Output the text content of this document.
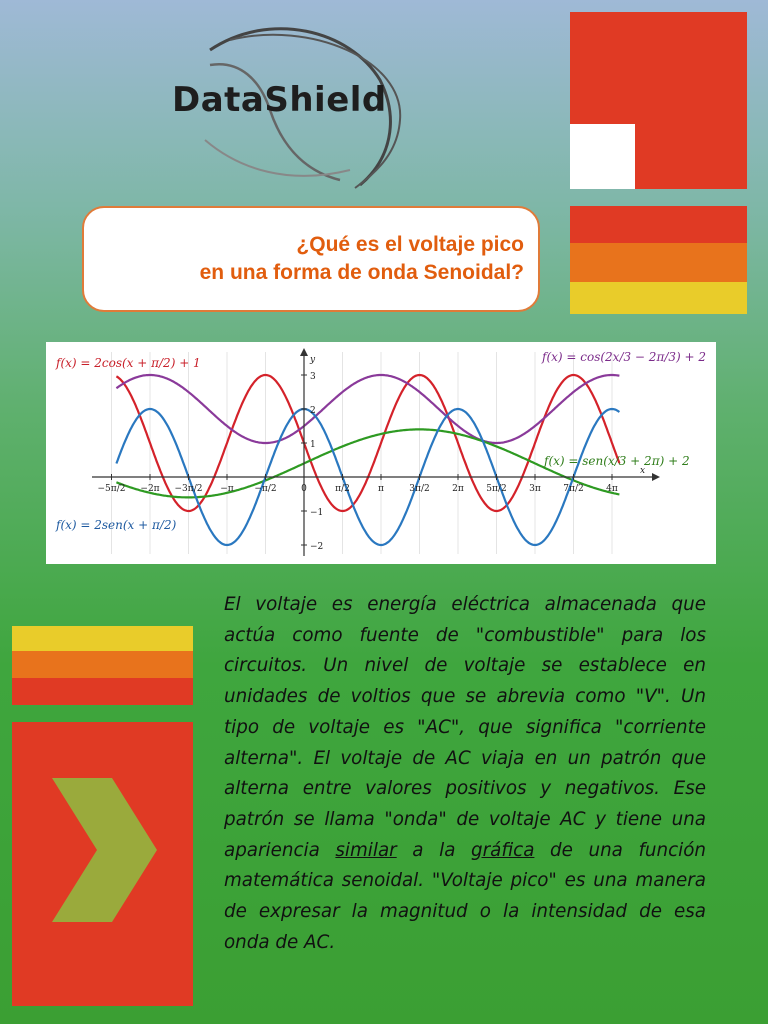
DataShield
¿Qué es el voltaje pico
en una forma de onda Senoidal?
y
x
3
2
1
−1
−2
−5π/2 −2π −3π/2 −π −π/2	0	π/2	π	3π/2 2π 5π/2 3π 7π/2 4π
f(x) = 2cos(x + π/2) + 1	f(x) = cos(2x/3 − 2π/3) + 2
f(x) = sen(x/3 + 2π) + 2
f(x) = 2sen(x + π/2)
El voltaje es energía eléctrica almacenada que actúa como fuente de "combustible" para los circuitos. Un nivel de voltaje se establece en unidades de voltios que se abrevia como "V". Un tipo de voltaje es "AC", que significa "corriente alterna". El voltaje de AC viaja en un patrón que alterna entre valores positivos y negativos. Ese patrón se llama "onda" de voltaje AC y tiene una apariencia similar a la gráfica de una función matemática senoidal. "Voltaje pico" es una manera de expresar la magnitud o la intensidad de esa onda de AC.
